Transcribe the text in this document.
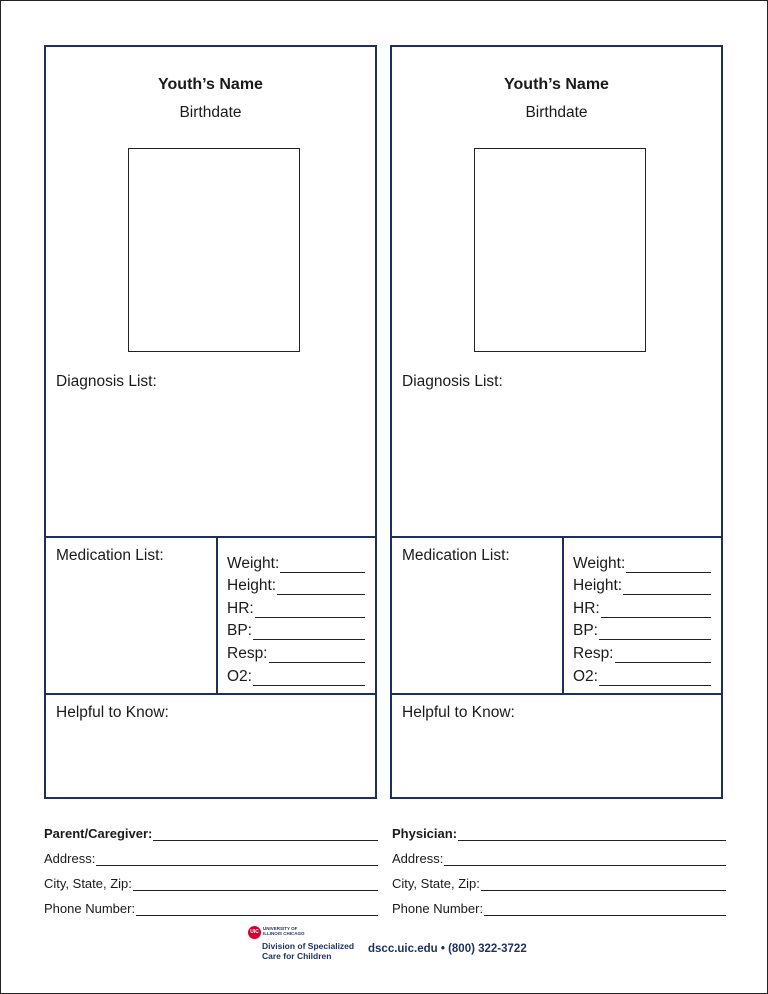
Youth’s Name
Birthdate
Diagnosis List:
Medication List:	Weight:
Height:
HR:
BP:
Resp:
O2:
Helpful to Know:
Youth’s Name
Birthdate
Diagnosis List:
Medication List:	Weight:
Height:
HR:
BP:
Resp:
O2:
Helpful to Know:
Parent/Caregiver:
Address:
City, State, Zip:
Phone Number:
Physician:
Address:
City, State, Zip:
Phone Number:
UIC
UNIVERSITY OF
ILLINOIS CHICAGO
Division of Specialized
Care for Children
dscc.uic.edu • (800) 322-3722
